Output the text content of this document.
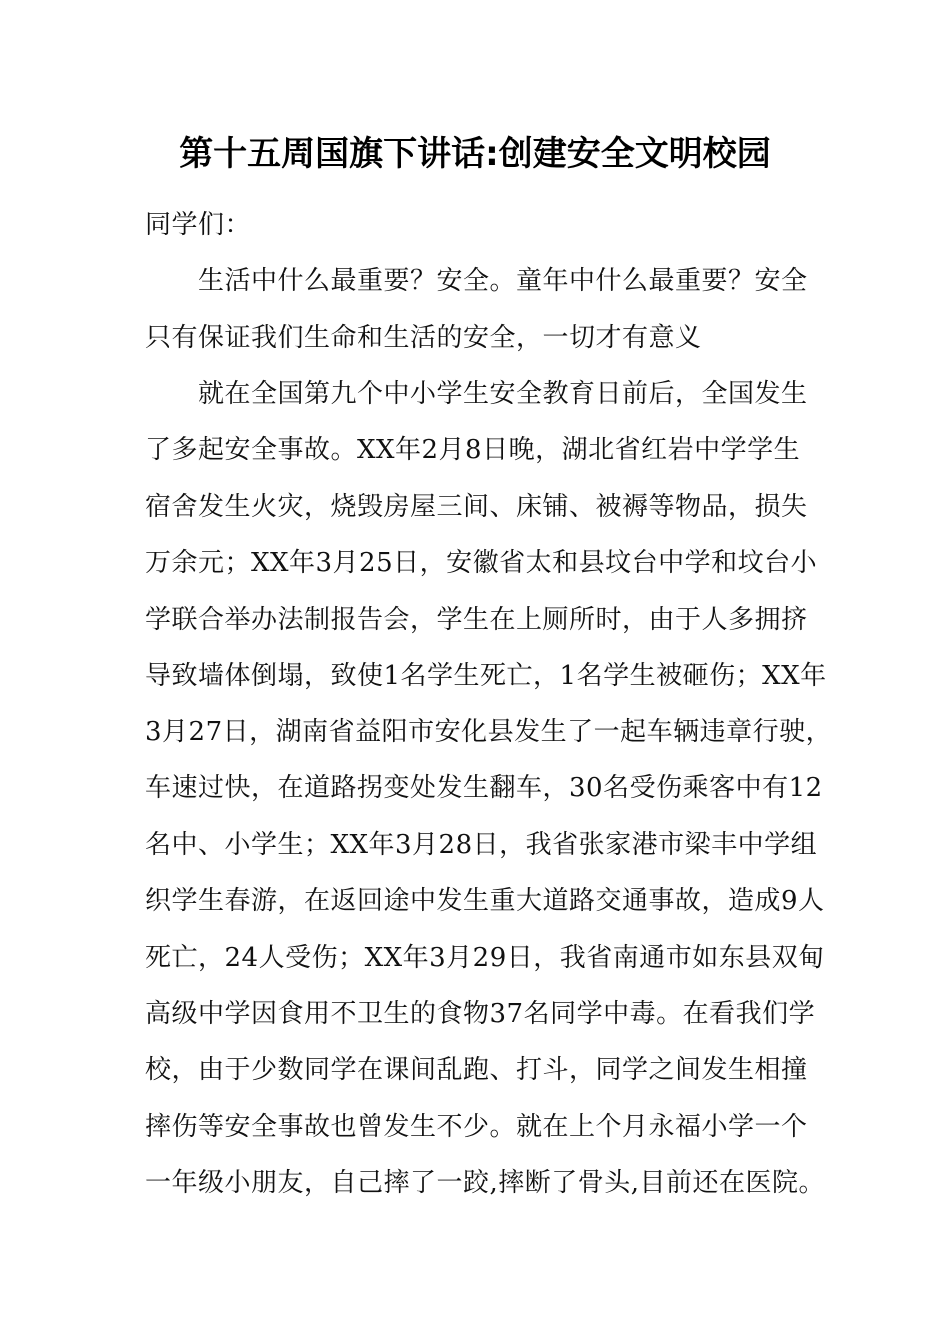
第十五周国旗下讲话:创建安全文明校园
同学们：
生活中什么最重要？安全。童年中什么最重要？安全
只有保证我们生命和生活的安全，一切才有意义
就在全国第九个中小学生安全教育日前后，全国发生
了多起安全事故。XX年2月8日晚，湖北省红岩中学学生
宿舍发生火灾，烧毁房屋三间、床铺、被褥等物品，损失
万余元；XX年3月25日，安徽省太和县坟台中学和坟台小
学联合举办法制报告会，学生在上厕所时，由于人多拥挤
导致墙体倒塌，致使1名学生死亡，1名学生被砸伤；XX年
3月27日，湖南省益阳市安化县发生了一起车辆违章行驶，
车速过快，在道路拐变处发生翻车，30名受伤乘客中有12
名中、小学生；XX年3月28日，我省张家港市梁丰中学组
织学生春游，在返回途中发生重大道路交通事故，造成9人
死亡，24人受伤；XX年3月29日，我省南通市如东县双甸
高级中学因食用不卫生的食物37名同学中毒。在看我们学
校，由于少数同学在课间乱跑、打斗，同学之间发生相撞
摔伤等安全事故也曾发生不少。就在上个月永福小学一个
一年级小朋友，自己摔了一跤,摔断了骨头,目前还在医院。
